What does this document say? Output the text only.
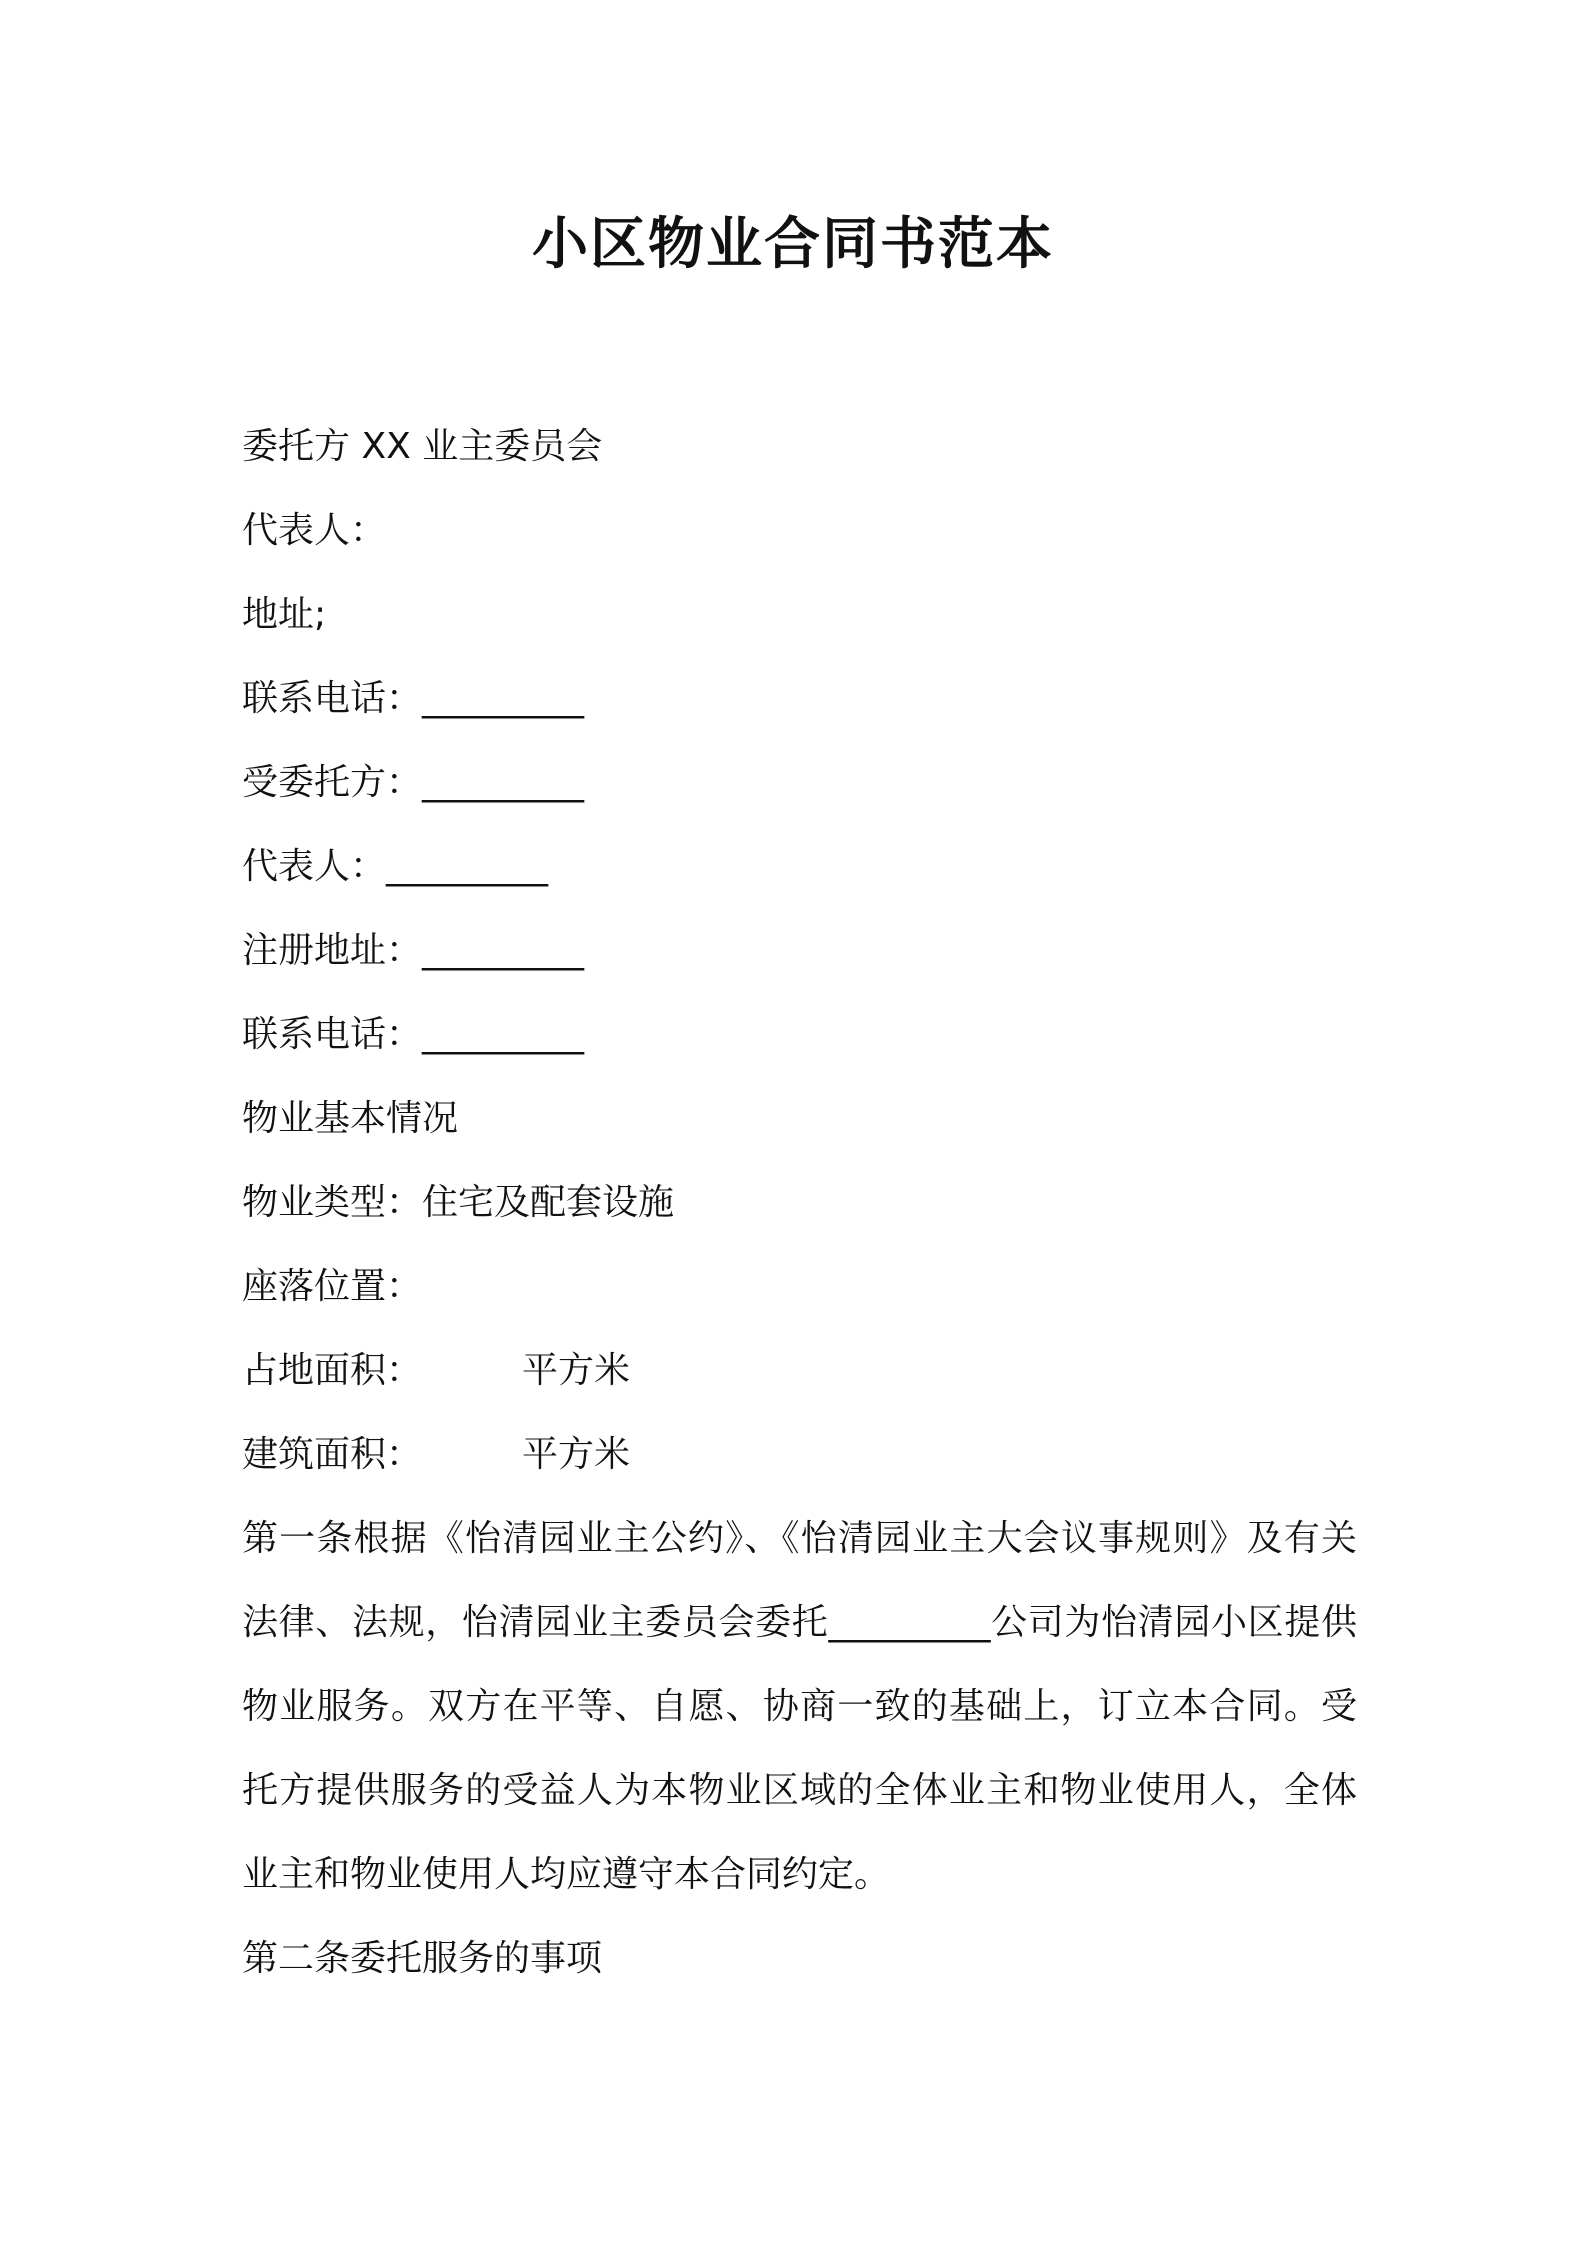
小区物业合同书范本
委托方 XX 业主委员会
代表人：
地址;
联系电话：_________
受委托方：_________
代表人：_________
注册地址：_________
联系电话：_________
物业基本情况
物业类型：住宅及配套设施
座落位置：
占地面积：	平方米
建筑面积：	平方米

第一条根据《怡清园业主公约》、《怡清园业主大会议事规则》及有关法律、法规，怡清园业主委员会委托_________公司为怡清园小区提供物业服务。双方在平等、自愿、协商一致的基础上，订立本合同。受托方提供服务的受益人为本物业区域的全体业主和物业使用人，全体业主和物业使用人均应遵守本合同约定。

第二条委托服务的事项
